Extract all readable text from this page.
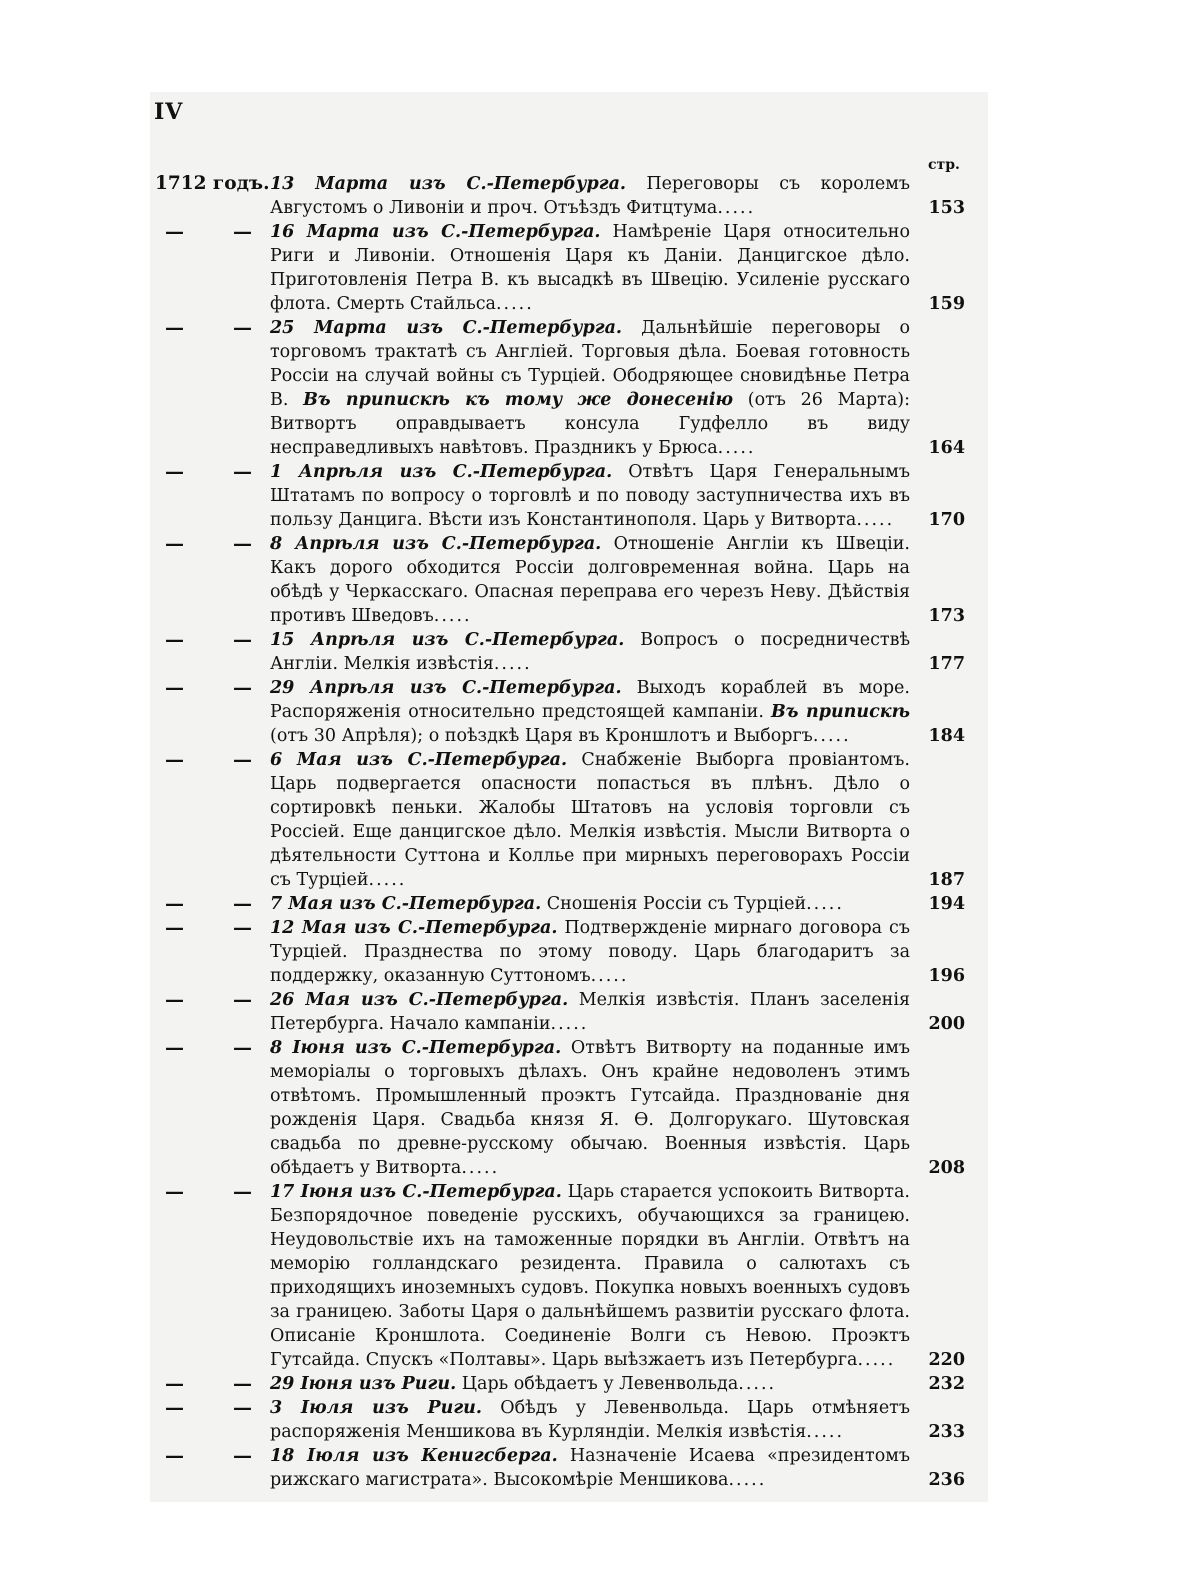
IV
стр.
1712 годъ. 13 Марта изъ С.-Петербурга. Переговоры съ королемъ Августомъ о Ливоніи и проч. Отъѣздъ Фитцтума.....	153
—	— 16 Марта изъ С.-Петербурга. Намѣреніе Царя относительно Риги и Ливоніи. Отношенія Царя къ Даніи. Данцигское дѣло. Приготовленія Петра В. къ высадкѣ въ Швецію. Усиленіе русскаго флота. Смерть Стайльса.....	159
—	— 25 Марта изъ С.-Петербурга. Дальнѣйшіе переговоры о торговомъ трактатѣ съ Англіей. Торговыя дѣла. Боевая готовность Россіи на случай войны съ Турціей. Ободряющее сновидѣнье Петра В. Въ припискѣ къ тому же донесенію (отъ 26 Марта): Витвортъ оправдываетъ консула Гудфелло въ виду несправедливыхъ навѣтовъ. Праздникъ у Брюса.....	164
—	— 1 Апрѣля изъ С.-Петербурга. Отвѣтъ Царя Генеральнымъ Штатамъ по вопросу о торговлѣ и по поводу заступничества ихъ въ пользу Данцига. Вѣсти изъ Константинополя. Царь у Витворта.....	170
—	— 8 Апрѣля изъ С.-Петербурга. Отношеніе Англіи къ Швеціи. Какъ дорого обходится Россіи долговременная война. Царь на обѣдѣ у Черкасскаго. Опасная переправа его черезъ Неву. Дѣйствія противъ Шведовъ.....	173
—	— 15 Апрѣля изъ С.-Петербурга. Вопросъ о посредничествѣ Англіи. Мелкія извѣстія.....	177
—	— 29 Апрѣля изъ С.-Петербурга. Выходъ кораблей въ море. Распоряженія относительно предстоящей кампаніи. Въ припискѣ (отъ 30 Апрѣля); о поѣздкѣ Царя въ Кроншлотъ и Выборгъ.....	184
—	— 6 Мая изъ С.-Петербурга. Снабженіе Выборга провіантомъ. Царь подвергается опасности попасться въ плѣнъ. Дѣло о сортировкѣ пеньки. Жалобы Штатовъ на условія торговли съ Россіей. Еще данцигское дѣло. Мелкія извѣстія. Мысли Витворта о дѣятельности Суттона и Коллье при мирныхъ переговорахъ Россіи съ Турціей.....	187
—	— 7 Мая изъ С.-Петербурга. Сношенія Россіи съ Турціей.....	194
—	— 12 Мая изъ С.-Петербурга. Подтвержденіе мирнаго договора съ Турціей. Празднества по этому поводу. Царь благодаритъ за поддержку, оказанную Суттономъ.....	196
—	— 26 Мая изъ С.-Петербурга. Мелкія извѣстія. Планъ заселенія Петербурга. Начало кампаніи.....	200
—	— 8 Іюня изъ С.-Петербурга. Отвѣтъ Витворту на поданные имъ меморіалы о торговыхъ дѣлахъ. Онъ крайне недоволенъ этимъ отвѣтомъ. Промышленный проэктъ Гутсайда. Празднованіе дня рожденія Царя. Свадьба князя Я. Ѳ. Долгорукаго. Шутовская свадьба по древне-русскому обычаю. Военныя извѣстія. Царь обѣдаетъ у Витворта.....	208
—	— 17 Іюня изъ С.-Петербурга. Царь старается успокоить Витворта. Безпорядочное поведеніе русскихъ, обучающихся за границею. Неудовольствіе ихъ на таможенные порядки въ Англіи. Отвѣтъ на меморію голландскаго резидента. Правила о салютахъ съ приходящихъ иноземныхъ судовъ. Покупка новыхъ военныхъ судовъ за границею. Заботы Царя о дальнѣйшемъ развитіи русскаго флота. Описаніе Кроншлота. Соединеніе Волги съ Невою. Проэктъ Гутсайда. Спускъ «Полтавы». Царь выѣзжаетъ изъ Петербурга.....	220
—	— 29 Іюня изъ Риги. Царь обѣдаетъ у Левенвольда.....	232
—	— 3 Іюля изъ Риги. Обѣдъ у Левенвольда. Царь отмѣняетъ распоряженія Меншикова въ Курляндіи. Мелкія извѣстія.....	233
—	— 18 Іюля изъ Кенигсберга. Назначеніе Исаева «президентомъ рижскаго магистрата». Высокомѣріе Меншикова.....	236
